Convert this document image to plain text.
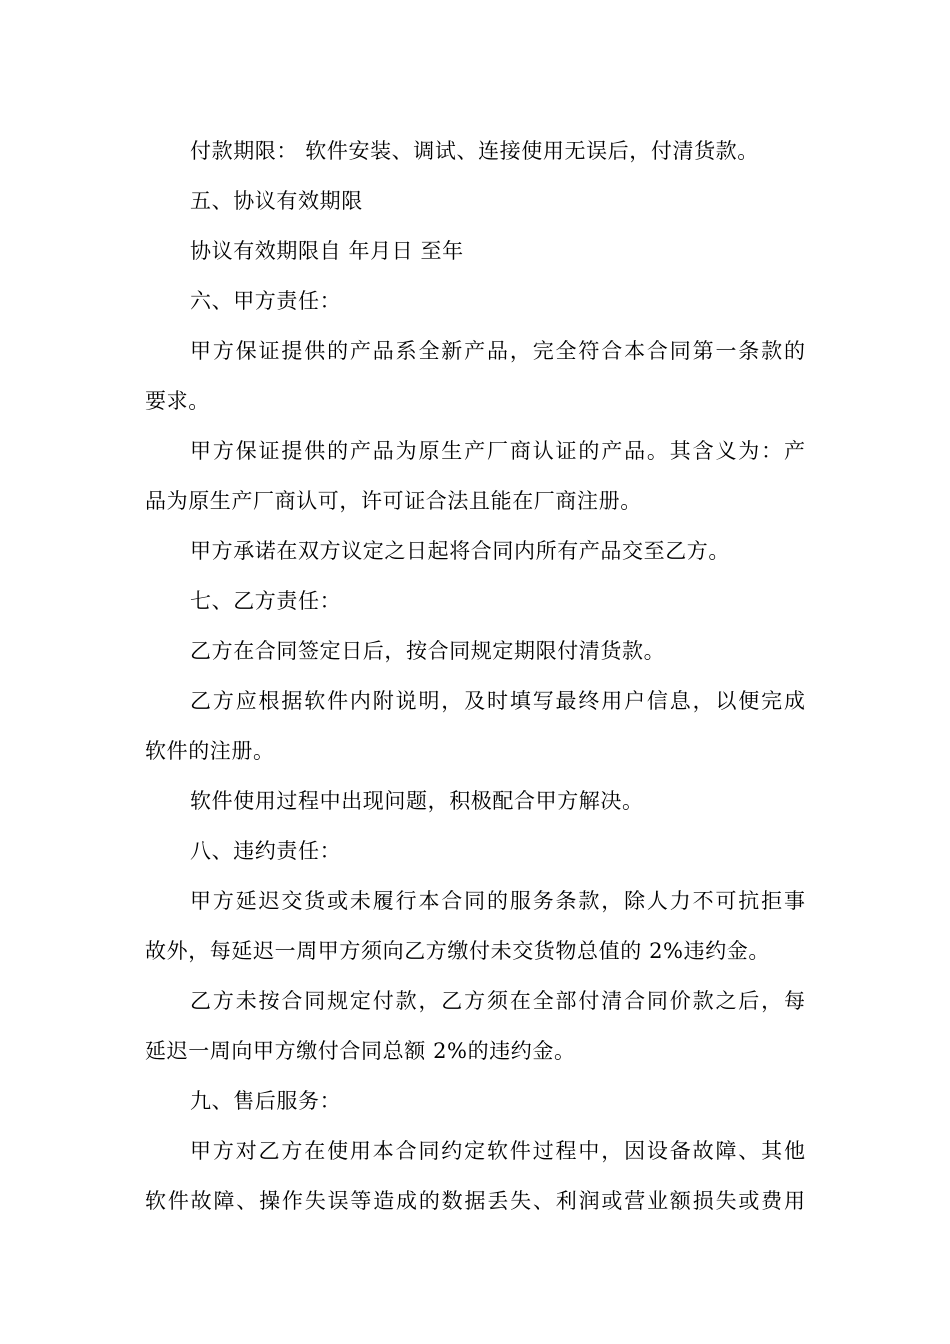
付款期限： 软件安装、调试、连接使用无误后，付清货款。
五、协议有效期限
协议有效期限自 年月日 至年
六、甲方责任：
甲方保证提供的产品系全新产品，完全符合本合同第一条款的
要求。
甲方保证提供的产品为原生产厂商认证的产品。其含义为：产
品为原生产厂商认可，许可证合法且能在厂商注册。
甲方承诺在双方议定之日起将合同内所有产品交至乙方。
七、乙方责任：
乙方在合同签定日后，按合同规定期限付清货款。
乙方应根据软件内附说明，及时填写最终用户信息，以便完成
软件的注册。
软件使用过程中出现问题，积极配合甲方解决。
八、违约责任：
甲方延迟交货或未履行本合同的服务条款，除人力不可抗拒事
故外，每延迟一周甲方须向乙方缴付未交货物总值的 2%违约金。
乙方未按合同规定付款，乙方须在全部付清合同价款之后，每
延迟一周向甲方缴付合同总额 2%的违约金。
九、售后服务：
甲方对乙方在使用本合同约定软件过程中，因设备故障、其他
软件故障、操作失误等造成的数据丢失、利润或营业额损失或费用
